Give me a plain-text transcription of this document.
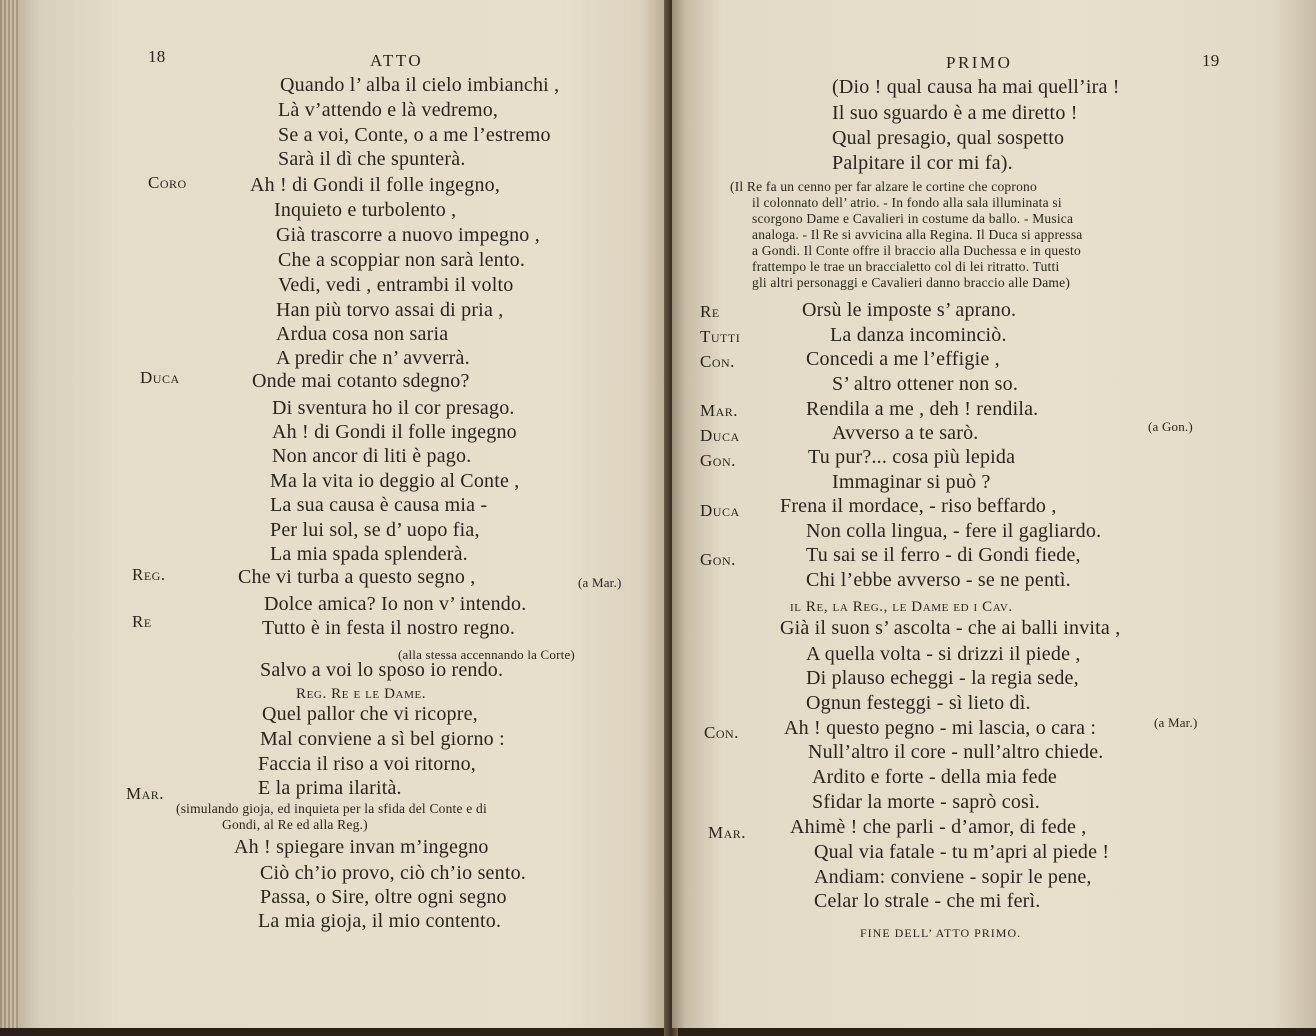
18	ATTO
Quando l’ alba il cielo imbianchi ,
Là v’attendo e là vedremo,
Se a voi, Conte, o a me l’estremo
Sarà il dì che spunterà.
Coro	Ah ! di Gondi il folle ingegno,
Inquieto e turbolento ,
Già trascorre a nuovo impegno ,
Che a scoppiar non sarà lento.
Vedi, vedi , entrambi il volto
Han più torvo assai di pria ,
Ardua cosa non saria
A predir che n’ avverrà.
Duca	Onde mai cotanto sdegno?
Di sventura ho il cor presago.
Ah ! di Gondi il folle ingegno
Non ancor di liti è pago.
Ma la vita io deggio al Conte ,
La sua causa è causa mia -
Per lui sol, se d’ uopo fia,
La mia spada splenderà.
Reg.	Che vi turba a questo segno ,	(a Mar.)
Dolce amica? Io non v’ intendo.
Re	Tutto è in festa il nostro regno.
(alla stessa accennando la Corte)
Salvo a voi lo sposo io rendo.
Reg. Re e le Dame.
Quel pallor che vi ricopre,
Mal conviene a sì bel giorno :
Faccia il riso a voi ritorno,
E la prima ilarità.
Mar.
(simulando gioja, ed inquieta per la sfida del Conte e di
Gondi, al Re ed alla Reg.)
Ah ! spiegare invan m’ingegno
Ciò ch’io provo, ciò ch’io sento.
Passa, o Sire, oltre ogni segno
La mia gioja, il mio contento.
PRIMO	19
(Dio ! qual causa ha mai quell’ira !
Il suo sguardo è a me diretto !
Qual presagio, qual sospetto
Palpitare il cor mi fa).
(Il Re fa un cenno per far alzare le cortine che coprono
il colonnato dell’ atrio. - In fondo alla sala illuminata si
scorgono Dame e Cavalieri in costume da ballo. - Musica
analoga. - Il Re si avvicina alla Regina. Il Duca si appressa
a Gondi. Il Conte offre il braccio alla Duchessa e in questo
frattempo le trae un braccialetto col di lei ritratto. Tutti
gli altri personaggi e Cavalieri danno braccio alle Dame)
Re	Orsù le imposte s’ aprano.
Tutti	La danza incominciò.
Con.	Concedi a me l’effigie ,
S’ altro ottener non so.
Mar.	Rendila a me , deh ! rendila.
Duca	Avverso a te sarò.	(a Gon.)
Gon.	Tu pur?... cosa più lepida
Immaginar si può ?
Duca Frena il mordace, - riso beffardo ,
Non colla lingua, - fere il gagliardo.
Gon.	Tu sai se il ferro - di Gondi fiede,
Chi l’ebbe avverso - se ne pentì.
il Re, la Reg., le Dame ed i Cav.
Già il suon s’ ascolta - che ai balli invita ,
A quella volta - si drizzi il piede ,
Di plauso echeggi - la regia sede,
Ognun festeggi - sì lieto dì.
Con. Ah ! questo pegno - mi lascia, o cara :	(a Mar.)
Null’altro il core - null’altro chiede.
Ardito e forte - della mia fede
Sfidar la morte - saprò così.
Mar. Ahimè ! che parli - d’amor, di fede ,
Qual via fatale - tu m’apri al piede !
Andiam: conviene - sopir le pene,
Celar lo strale - che mi ferì.
FINE DELL’ ATTO PRIMO.
